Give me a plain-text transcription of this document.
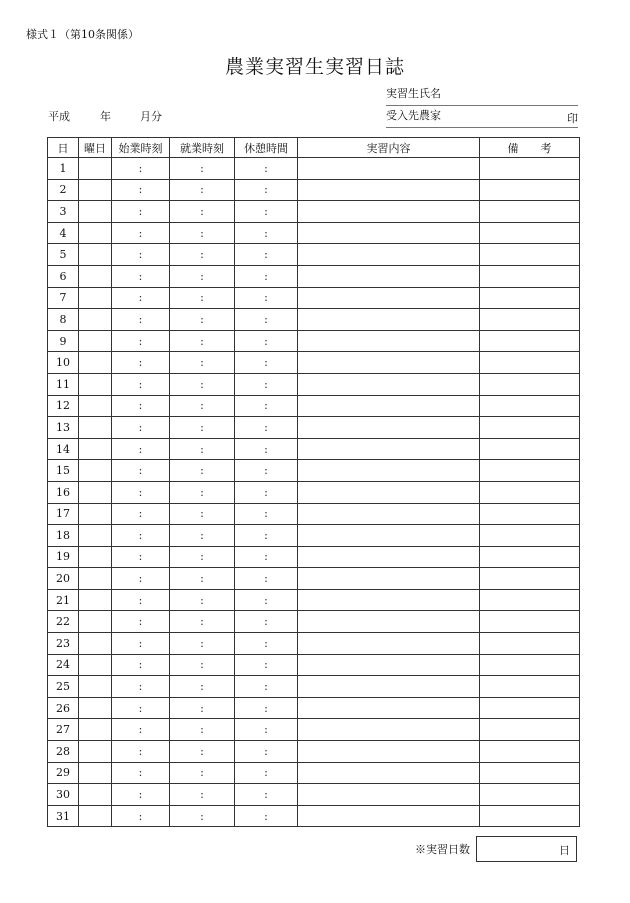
様式１（第10条関係）
農業実習生実習日誌
平成	年	月分
実習生氏名
受入先農家	印
日	曜日	始業時刻	就業時刻	休憩時間	実習内容	備　　考
1		:	:	:		
2		:	:	:		
3		:	:	:		
4		:	:	:		
5		:	:	:		
6		:	:	:		
7		:	:	:		
8		:	:	:		
9		:	:	:		
10		:	:	:		
11		:	:	:		
12		:	:	:		
13		:	:	:		
14		:	:	:		
15		:	:	:		
16		:	:	:		
17		:	:	:		
18		:	:	:		
19		:	:	:		
20		:	:	:		
21		:	:	:		
22		:	:	:		
23		:	:	:		
24		:	:	:		
25		:	:	:		
26		:	:	:		
27		:	:	:		
28		:	:	:		
29		:	:	:		
30		:	:	:		
31		:	:	:		
※実習日数	日
